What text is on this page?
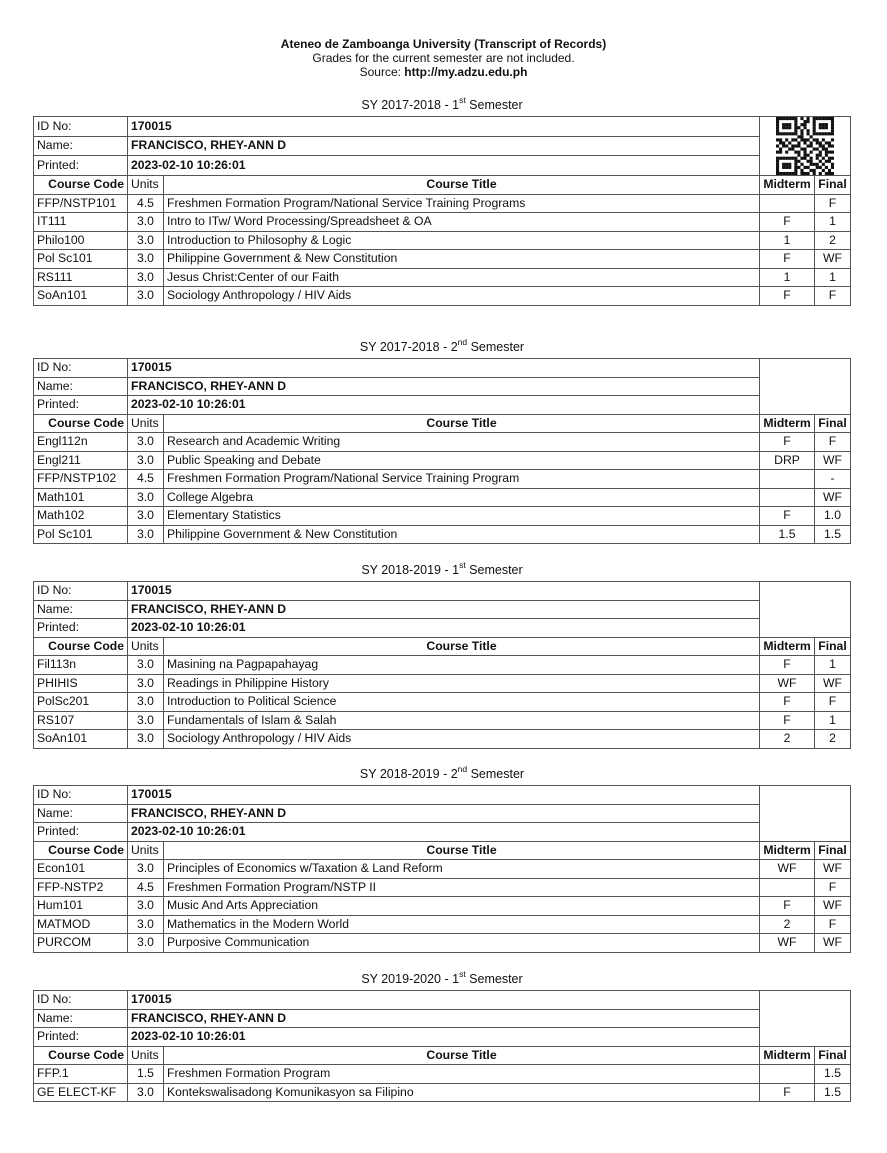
Ateneo de Zamboanga University (Transcript of Records)
Grades for the current semester are not included.
Source: http://my.adzu.edu.ph
SY 2017-2018 - 1st Semester
ID No:	170015	

Name:	FRANCISCO, RHEY-ANN D			
Printed:	2023-02-10 10:26:01			
Course Code	Units	Course Title	Midterm	Final
FFP/NSTP101	4.5	Freshmen Formation Program/National Service Training Programs		F
IT111	3.0	Intro to ITw/ Word Processing/Spreadsheet & OA	F	1
Philo100	3.0	Introduction to Philosophy & Logic	1	2
Pol Sc101	3.0	Philippine Government & New Constitution	F	WF
RS111	3.0	Jesus Christ:Center of our Faith	1	1
SoAn101	3.0	Sociology Anthropology / HIV Aids	F	F
SY 2017-2018 - 2nd Semester
ID No:	170015			
Name:	FRANCISCO, RHEY-ANN D			
Printed:	2023-02-10 10:26:01			
Course Code	Units	Course Title	Midterm	Final
Engl112n	3.0	Research and Academic Writing	F	F
Engl211	3.0	Public Speaking and Debate	DRP	WF
FFP/NSTP102	4.5	Freshmen Formation Program/National Service Training Program		-
Math101	3.0	College Algebra		WF
Math102	3.0	Elementary Statistics	F	1.0
Pol Sc101	3.0	Philippine Government & New Constitution	1.5	1.5
SY 2018-2019 - 1st Semester
ID No:	170015			
Name:	FRANCISCO, RHEY-ANN D			
Printed:	2023-02-10 10:26:01			
Course Code	Units	Course Title	Midterm	Final
Fil113n	3.0	Masining na Pagpapahayag	F	1
PHIHIS	3.0	Readings in Philippine History	WF	WF
PolSc201	3.0	Introduction to Political Science	F	F
RS107	3.0	Fundamentals of Islam & Salah	F	1
SoAn101	3.0	Sociology Anthropology / HIV Aids	2	2
SY 2018-2019 - 2nd Semester
ID No:	170015			
Name:	FRANCISCO, RHEY-ANN D			
Printed:	2023-02-10 10:26:01			
Course Code	Units	Course Title	Midterm	Final
Econ101	3.0	Principles of Economics w/Taxation & Land Reform	WF	WF
FFP-NSTP2	4.5	Freshmen Formation Program/NSTP II		F
Hum101	3.0	Music And Arts Appreciation	F	WF
MATMOD	3.0	Mathematics in the Modern World	2	F
PURCOM	3.0	Purposive Communication	WF	WF
SY 2019-2020 - 1st Semester
ID No:	170015			
Name:	FRANCISCO, RHEY-ANN D			
Printed:	2023-02-10 10:26:01			
Course Code	Units	Course Title	Midterm	Final
FFP.1	1.5	Freshmen Formation Program		1.5
GE ELECT-KF	3.0	Kontekswalisadong Komunikasyon sa Filipino	F	1.5
